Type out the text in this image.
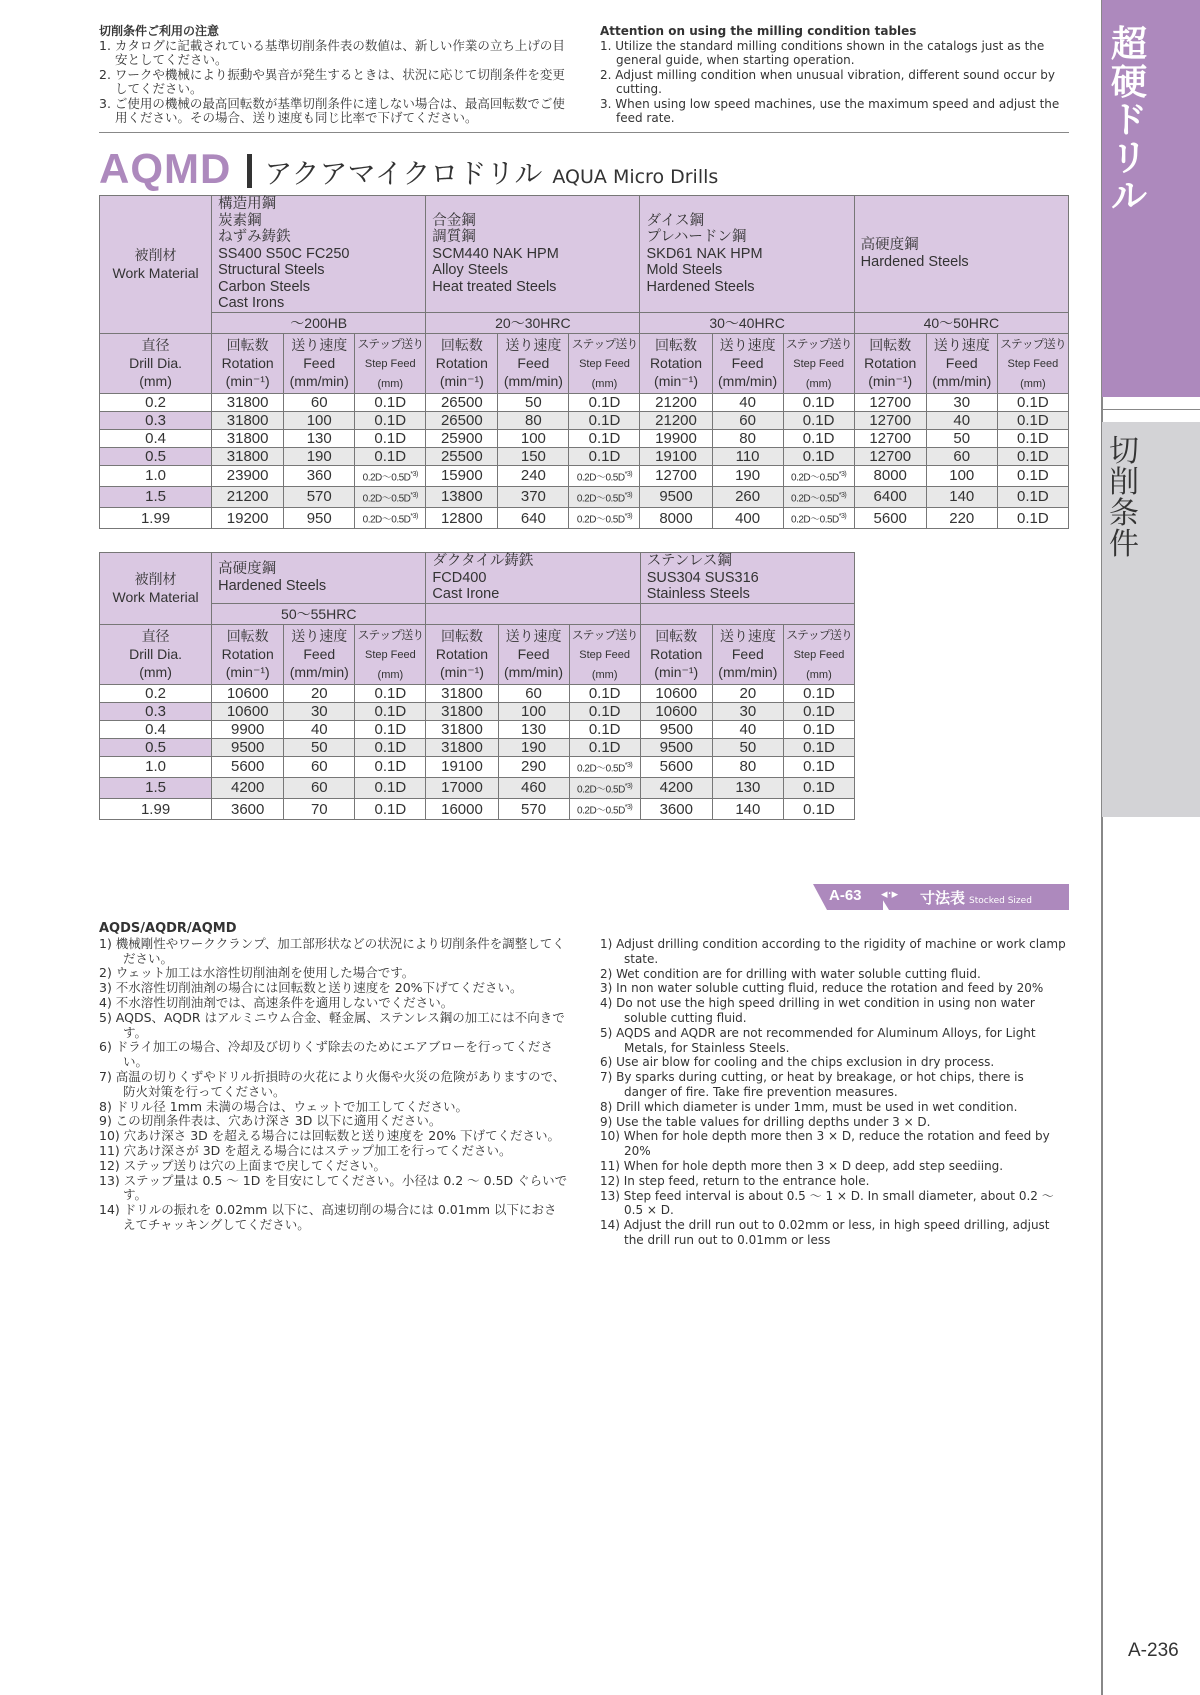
切削条件ご利用の注意
1. カタログに記載されている基準切削条件表の数値は、新しい作業の立ち上げの目安としてください。
2. ワークや機械により振動や異音が発生するときは、状況に応じて切削条件を変更してください。
3. ご使用の機械の最高回転数が基準切削条件に達しない場合は、最高回転数でご使用ください。その場合、送り速度も同じ比率で下げてください。
Attention on using the milling condition tables
1. Utilize the standard milling conditions shown in the catalogs just as the general guide, when starting operation.
2. Adjust milling condition when unusual vibration, different sound occur by cutting.
3. When using low speed machines, use the maximum speed and adjust the feed rate.
AQMD アクアマイクロドリル AQUA Micro Drills
被削材
Work Material	構造用鋼
炭素鋼
ねずみ鋳鉄
SS400 S50C FC250
Structural Steels
Carbon Steels
Cast Irons	合金鋼
調質鋼
SCM440 NAK HPM
Alloy Steels
Heat treated Steels	ダイス鋼
プレハードン鋼
SKD61 NAK HPM
Mold Steels
Hardened Steels	高硬度鋼
Hardened Steels
	～200HB			20～30HRC			30～40HRC			40～50HRC		
直径
Drill Dia.
(mm)	回転数
Rotation
(min⁻¹)	送り速度
Feed
(mm/min)	ステップ送り
Step Feed
(mm)	回転数
Rotation
(min⁻¹)	送り速度
Feed
(mm/min)	ステップ送り
Step Feed
(mm)	回転数
Rotation
(min⁻¹)	送り速度
Feed
(mm/min)	ステップ送り
Step Feed
(mm)	回転数
Rotation
(min⁻¹)	送り速度
Feed
(mm/min)	ステップ送り
Step Feed
(mm)
0.2	31800	60	0.1D	26500	50	0.1D	21200	40	0.1D	12700	30	0.1D
0.3	31800	100	0.1D	26500	80	0.1D	21200	60	0.1D	12700	40	0.1D
0.4	31800	130	0.1D	25900	100	0.1D	19900	80	0.1D	12700	50	0.1D
0.5	31800	190	0.1D	25500	150	0.1D	19100	110	0.1D	12700	60	0.1D
1.0	23900	360	$0.2D\sim 0.5D^{*3)}$	15900	240	$0.2D\sim 0.5D^{*3)}$	12700	190	$0.2D\sim 0.5D^{*3)}$	8000	100	0.1D
1.5	21200	570	$0.2D\sim 0.5D^{*3)}$	13800	370	$0.2D\sim 0.5D^{*3)}$	9500	260	$0.2D\sim 0.5D^{*3)}$	6400	140	0.1D
1.99	19200	950	$0.2D\sim 0.5D^{*3)}$	12800	640	$0.2D\sim 0.5D^{*3)}$	8000	400	$0.2D\sim 0.5D^{*3)}$	5600	220	0.1D
被削材
Work Material	高硬度鋼
Hardened Steels			ダクタイル鋳鉄
FCD400
Cast Irone			ステンレス鋼
SUS304 SUS316
Stainless Steels		
	50～55HRC								
直径
Drill Dia.
(mm)	回転数
Rotation
(min⁻¹)	送り速度
Feed
(mm/min)	ステップ送り
Step Feed
(mm)	回転数
Rotation
(min⁻¹)	送り速度
Feed
(mm/min)	ステップ送り
Step Feed
(mm)	回転数
Rotation
(min⁻¹)	送り速度
Feed
(mm/min)	ステップ送り
Step Feed
(mm)
0.2	10600	20	0.1D	31800	60	0.1D	10600	20	0.1D
0.3	10600	30	0.1D	31800	100	0.1D	10600	30	0.1D
0.4	9900	40	0.1D	31800	130	0.1D	9500	40	0.1D
0.5	9500	50	0.1D	31800	190	0.1D	9500	50	0.1D
1.0	5600	60	0.1D	19100	290	$0.2D\sim 0.5D^{*3)}$	5600	80	0.1D
1.5	4200	60	0.1D	17000	460	$0.2D\sim 0.5D^{*3)}$	4200	130	0.1D
1.99	3600	70	0.1D	16000	570	$0.2D\sim 0.5D^{*3)}$	3600	140	0.1D
A-63 ◂·▸ 寸法表 Stocked Sized
AQDS/AQDR/AQMD
1) 機械剛性やワーククランプ、加工部形状などの状況により切削条件を調整してください。
2) ウェット加工は水溶性切削油剤を使用した場合です。
3) 不水溶性切削油剤の場合には回転数と送り速度を 20%下げてください。
4) 不水溶性切削油剤では、高速条件を適用しないでください。
5) AQDS、AQDR はアルミニウム合金、軽金属、ステンレス鋼の加工には不向きです。
6) ドライ加工の場合、冷却及び切りくず除去のためにエアブローを行ってください。
7) 高温の切りくずやドリル折損時の火花により火傷や火災の危険がありますので、防火対策を行ってください。
8) ドリル径 1mm 未満の場合は、ウェットで加工してください。
9) この切削条件表は、穴あけ深さ 3D 以下に適用ください。
10) 穴あけ深さ 3D を超える場合には回転数と送り速度を 20% 下げてください。
11) 穴あけ深さが 3D を超える場合にはステップ加工を行ってください。
12) ステップ送りは穴の上面まで戻してください。
13) ステップ量は 0.5 ～ 1D を目安にしてください。小径は 0.2 ～ 0.5D ぐらいです。
14) ドリルの振れを 0.02mm 以下に、高速切削の場合には 0.01mm 以下におさえてチャッキングしてください。
1) Adjust drilling condition according to the rigidity of machine or work clamp state.
2) Wet condition are for drilling with water soluble cutting fluid.
3) In non water soluble cutting fluid, reduce the rotation and feed by 20%
4) Do not use the high speed drilling in wet condition in using non water soluble cutting fluid.
5) AQDS and AQDR are not recommended for Aluminum Alloys, for Light Metals, for Stainless Steels.
6) Use air blow for cooling and the chips exclusion in dry process.
7) By sparks during cutting, or heat by breakage, or hot chips, there is danger of fire. Take fire prevention measures.
8) Drill which diameter is under 1mm, must be used in wet condition.
9) Use the table values for drilling depths under 3 × D.
10) When for hole depth more then 3 × D, reduce the rotation and feed by 20%
11) When for hole depth more then 3 × D deep, add step seediing.
12) In step feed, return to the entrance hole.
13) Step feed interval is about 0.5 ～ 1 × D. In small diameter, about 0.2 ～ 0.5 × D.
14) Adjust the drill run out to 0.02mm or less, in high speed drilling, adjust the drill run out to 0.01mm or less
超硬ドリル
切削条件
A-236
